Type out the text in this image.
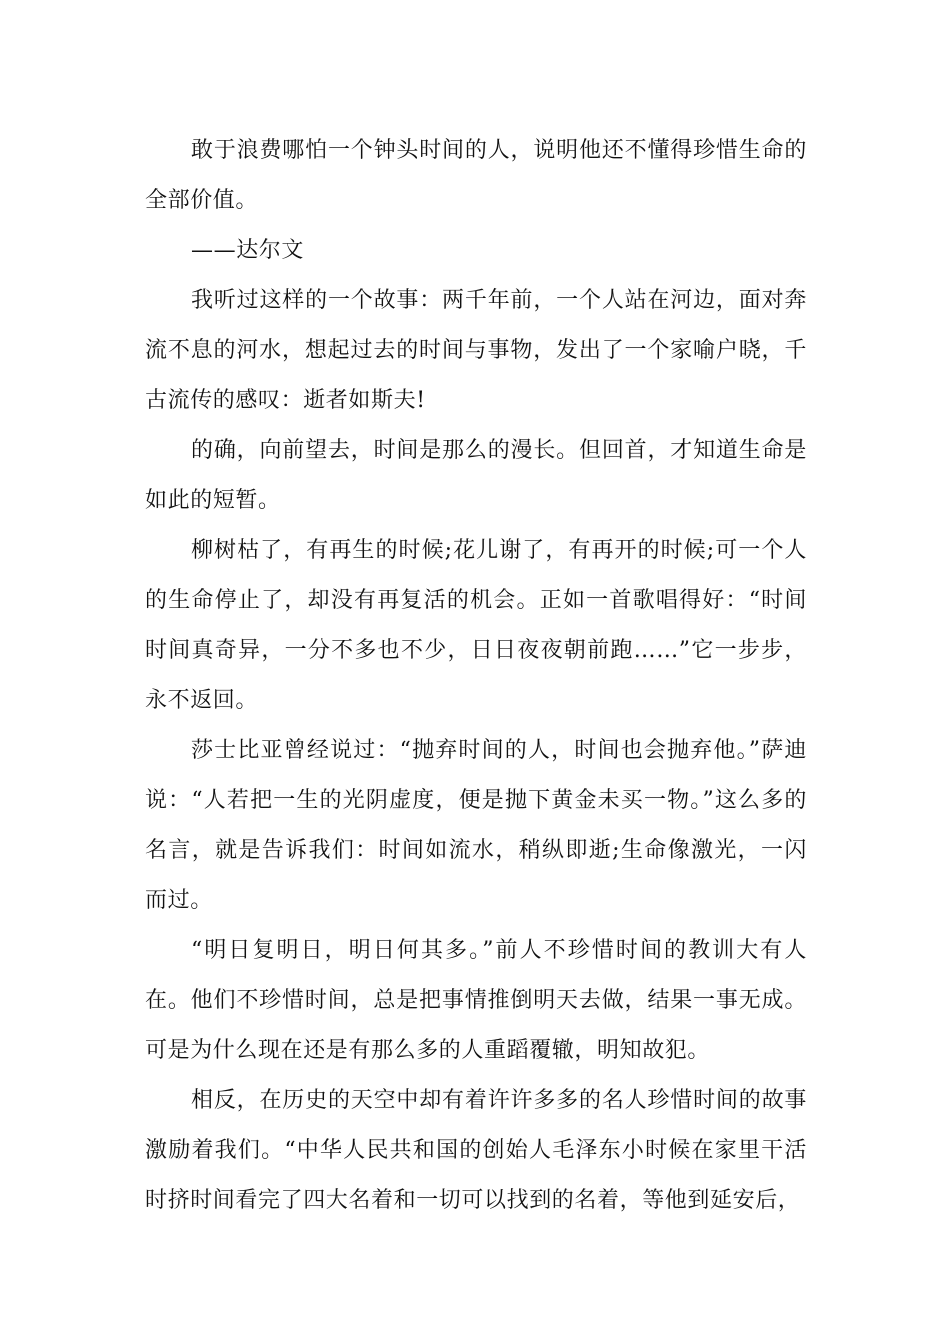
敢于浪费哪怕一个钟头时间的人，说明他还不懂得珍惜生命的全部价值。

——达尔文

我听过这样的一个故事：两千年前，一个人站在河边，面对奔流不息的河水，想起过去的时间与事物，发出了一个家喻户晓，千古流传的感叹：逝者如斯夫!

的确，向前望去，时间是那么的漫长。但回首，才知道生命是如此的短暂。

柳树枯了，有再生的时候;花儿谢了，有再开的时候;可一个人的生命停止了，却没有再复活的机会。正如一首歌唱得好：“时间时间真奇异，一分不多也不少，日日夜夜朝前跑……”它一步步，永不返回。

莎士比亚曾经说过：“抛弃时间的人，时间也会抛弃他。”萨迪说：“人若把一生的光阴虚度，便是抛下黄金未买一物。”这么多的名言，就是告诉我们：时间如流水，稍纵即逝;生命像激光，一闪而过。

“明日复明日，明日何其多。”前人不珍惜时间的教训大有人在。他们不珍惜时间，总是把事情推倒明天去做，结果一事无成。可是为什么现在还是有那么多的人重蹈覆辙，明知故犯。

相反，在历史的天空中却有着许许多多的名人珍惜时间的故事激励着我们。“中华人民共和国的创始人毛泽东小时候在家里干活时挤时间看完了四大名着和一切可以找到的名着，等他到延安后，
